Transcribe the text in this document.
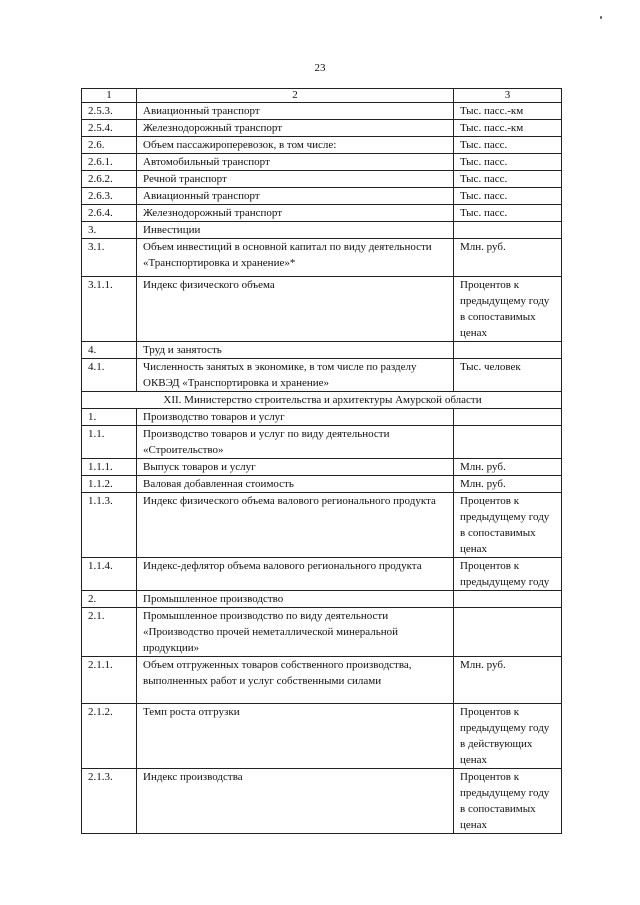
23
1	2	3
2.5.3.	Авиационный транспорт	Тыс. пасс.-км
2.5.4.	Железнодорожный транспорт	Тыс. пасс.-км
2.6.	Объем пассажироперевозок, в том числе:	Тыс. пасс.
2.6.1.	Автомобильный транспорт	Тыс. пасс.
2.6.2.	Речной транспорт	Тыс. пасс.
2.6.3.	Авиационный транспорт	Тыс. пасс.
2.6.4.	Железнодорожный транспорт	Тыс. пасс.
3.	Инвестиции	
3.1.	Объем инвестиций в основной капитал по виду деятельности «Транспортировка и хранение»*	Млн. руб.
3.1.1.	Индекс физического объема	Процентов к предыдущему году в сопоставимых ценах
4.	Труд и занятость	
4.1.	Численность занятых в экономике, в том числе по разделу ОКВЭД «Транспортировка и хранение»	Тыс. человек
XII. Министерство строительства и архитектуры Амурской области		
1.	Производство товаров и услуг	
1.1.	Производство товаров и услуг по виду деятельности «Строительство»	
1.1.1.	Выпуск товаров и услуг	Млн. руб.
1.1.2.	Валовая добавленная стоимость	Млн. руб.
1.1.3.	Индекс физического объема валового регионального продукта	Процентов к предыдущему году в сопоставимых ценах
1.1.4.	Индекс-дефлятор объема валового регионального продукта	Процентов к предыдущему году
2.	Промышленное производство	
2.1.	Промышленное производство по виду деятельности «Производство прочей неметаллической минеральной продукции»	
2.1.1.	Объем отгруженных товаров собственного производства, выполненных работ и услуг собственными силами	Млн. руб.
2.1.2.	Темп роста отгрузки	Процентов к предыдущему году в действующих ценах
2.1.3.	Индекс производства	Процентов к предыдущему году в сопоставимых ценах
